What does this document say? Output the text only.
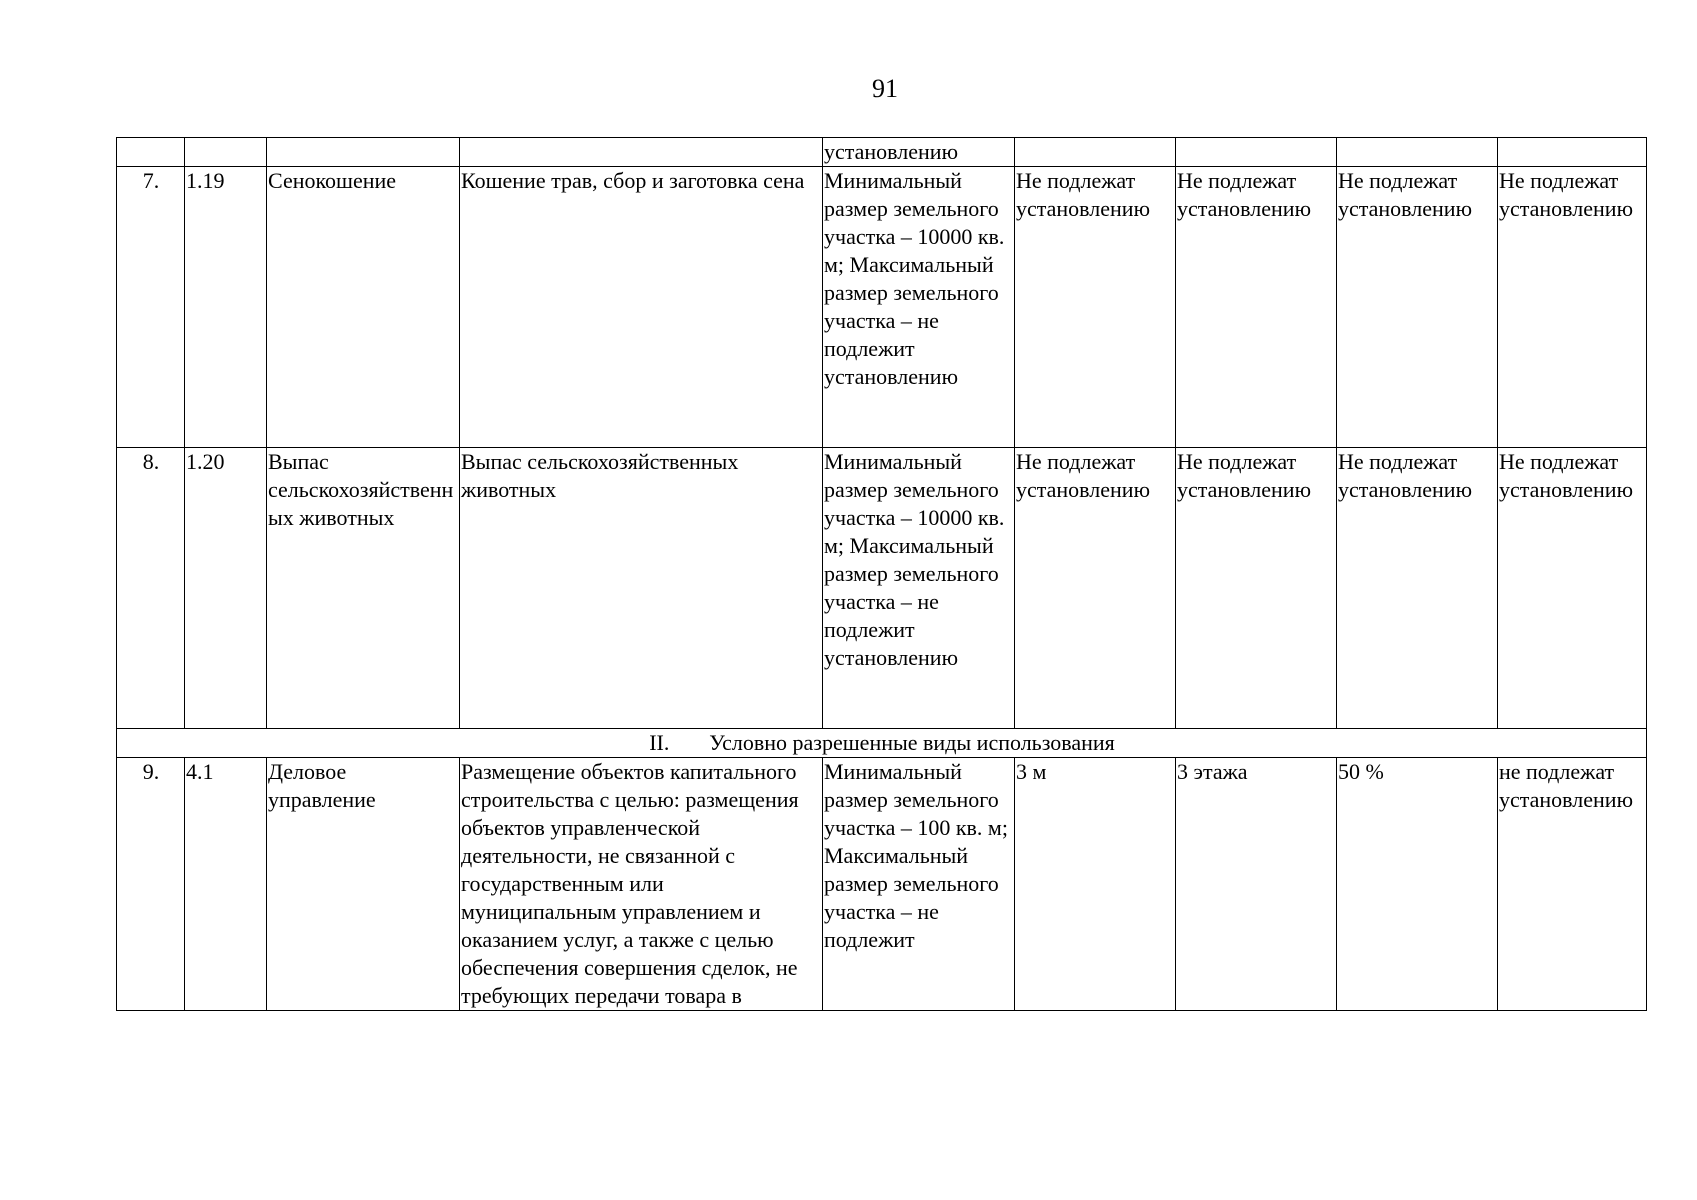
91
				установлению				
7.	1.19	Сенокошение	Кошение трав, сбор и заготовка сена	Минимальный размер земельного участка – 10000 кв. м; Максимальный размер земельного участка – не подлежит установлению	Не подлежат установлению	Не подлежат установлению	Не подлежат установлению	Не подлежат установлению
8.	1.20	Выпас сельскохозяйственных животных	Выпас сельскохозяйственных животных	Минимальный размер земельного участка – 10000 кв. м; Максимальный размер земельного участка – не подлежит установлению	Не подлежат установлению	Не подлежат установлению	Не подлежат установлению	Не подлежат установлению
II. Условно разрешенные виды использования								
9.	4.1	Деловое управление	Размещение объектов капитального строительства с целью: размещения объектов управленческой деятельности, не связанной с государственным или муниципальным управлением и оказанием услуг, а также с целью обеспечения совершения сделок, не требующих передачи товара в	Минимальный размер земельного участка – 100 кв. м; Максимальный размер земельного участка – не подлежит	3 м	3 этажа	50 %	не подлежат установлению
